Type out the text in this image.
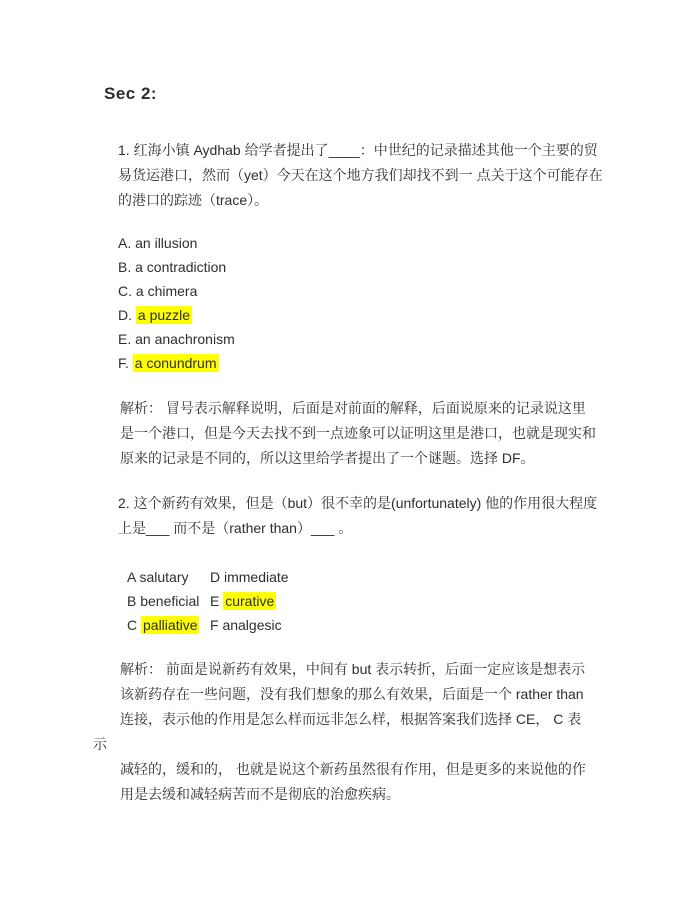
Sec 2:
1. 红海小镇 Aydhab 给学者提出了____：中世纪的记录描述其他一个主要的贸
易货运港口，然而（yet）今天在这个地方我们却找不到一 点关于这个可能存在
的港口的踪迹（trace）。
A. an illusion
B. a contradiction
C. a chimera
D. a puzzle
E. an anachronism
F. a conundrum
解析： 冒号表示解释说明，后面是对前面的解释，后面说原来的记录说这里
是一个港口，但是今天去找不到一点迹象可以证明这里是港口，也就是现实和
原来的记录是不同的，所以这里给学者提出了一个谜题。选择 DF。
2. 这个新药有效果，但是（but）很不幸的是(unfortunately) 他的作用很大程度
上是___ 而不是（rather than）___ 。
A salutary
B beneficial
C palliative
D immediate
E curative
F analgesic
解析： 前面是说新药有效果，中间有 but 表示转折，后面一定应该是想表示
该新药存在一些问题，没有我们想象的那么有效果，后面是一个 rather than
连接，表示他的作用是怎么样而远非怎么样，根据答案我们选择 CE， C 表
示
减轻的，缓和的， 也就是说这个新药虽然很有作用，但是更多的来说他的作
用是去缓和减轻病苦而不是彻底的治愈疾病。
